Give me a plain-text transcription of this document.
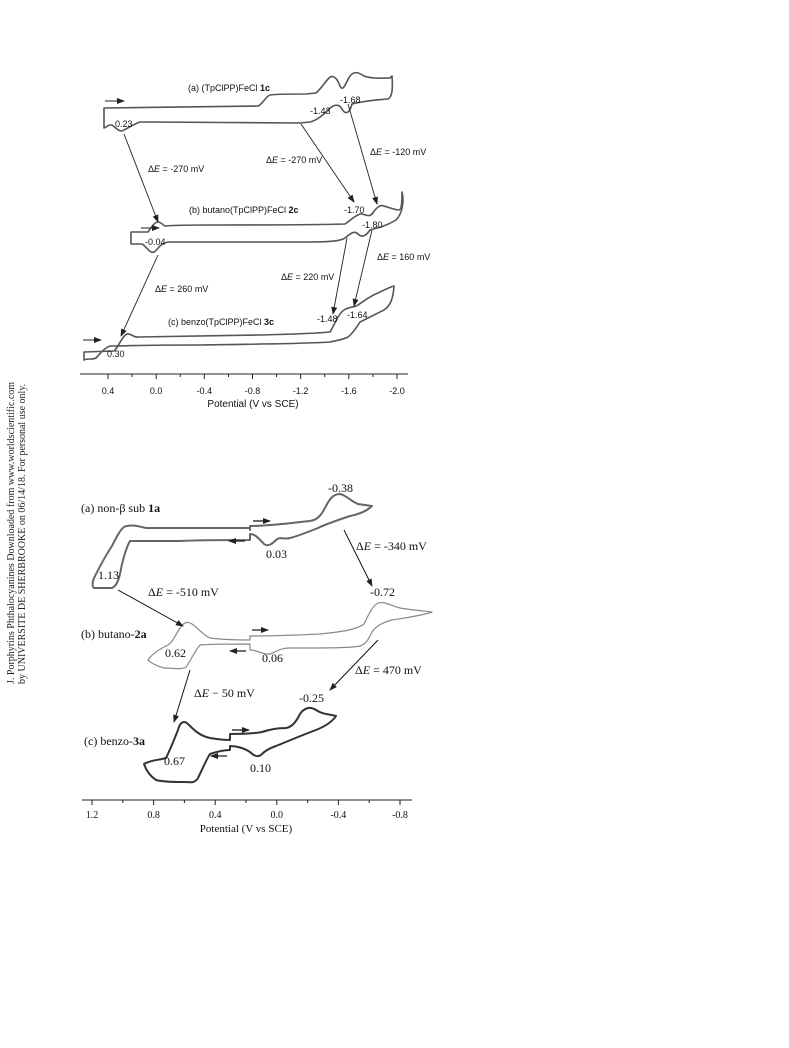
J. Porphyrins Phthalocyanines Downloaded from www.worldscientific.com by UNIVERSITE DE SHERBROOKE on 06/14/18. For personal use only.
(a) (TpClPP)FeCl 1c
(b) butano(TpClPP)FeCl 2c
(c) benzo(TpClPP)FeCl 3c
0.23
-1.43
-1.68
-0.04
-1.70
-1.80
0.30
-1.48 -1.64
ΔE = -270 mV
ΔE = -270 mV
ΔE = -120 mV
ΔE = 260 mV
ΔE = 220 mV
ΔE = 160 mV
0.4	0.0	-0.4	-0.8	-1.2	-1.6	-2.0
Potential (V vs SCE)
(a) non-β sub 1a
(b) butano-2a
(c) benzo-3a
-0.38
0.03
1.13
-0.72
0.62	0.06
-0.25
0.67	0.10
ΔE = -340 mV
ΔE = -510 mV
ΔE = 470 mV
ΔE − 50 mV
1.2	0.8	0.4	0.0	-0.4	-0.8
Potential (V vs SCE)
